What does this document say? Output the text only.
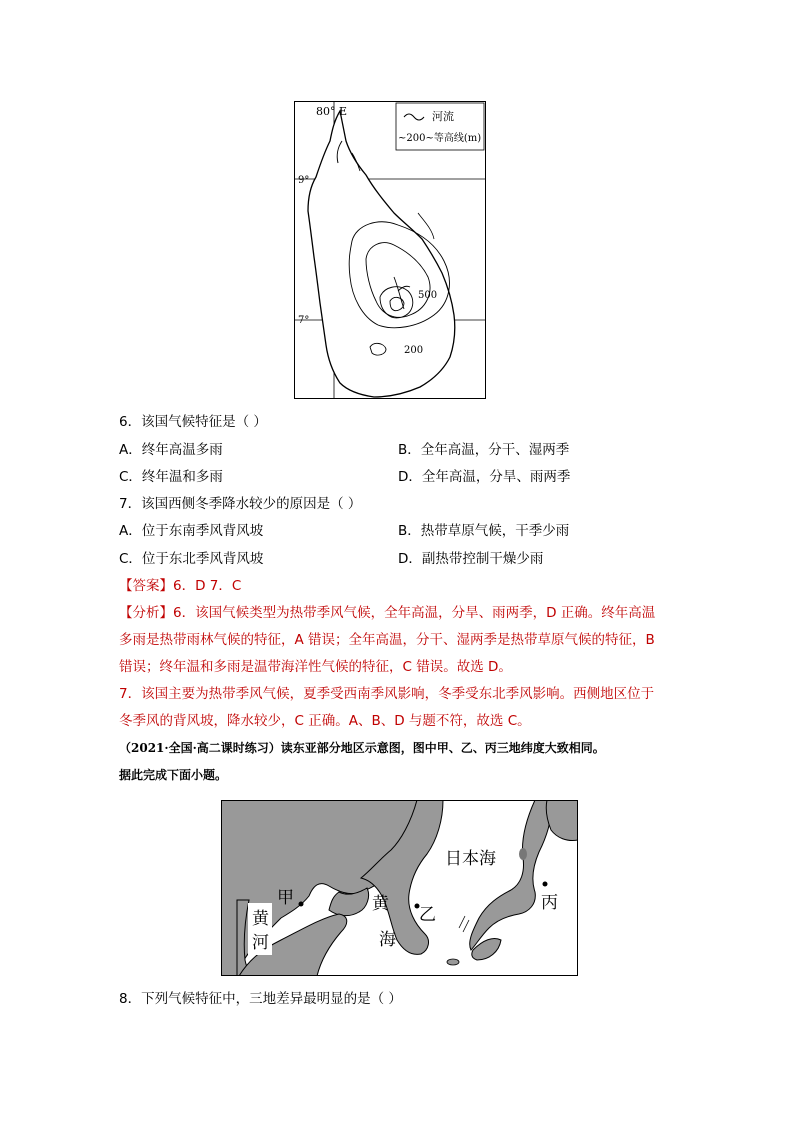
80° E
9°
7°
河流
~200~等高线(m)
500
200
6．该国气候特征是（ ）
A．终年高温多雨	B．全年高温，分干、湿两季
C．终年温和多雨	D．全年高温，分旱、雨两季
7．该国西侧冬季降水较少的原因是（ ）
A．位于东南季风背风坡	B．热带草原气候，干季少雨
C．位于东北季风背风坡	D．副热带控制干燥少雨
【答案】6．D 7．C
【分析】6．该国气候类型为热带季风气候，全年高温，分旱、雨两季，D 正确。终年高温
多雨是热带雨林气候的特征，A 错误；全年高温，分干、湿两季是热带草原气候的特征，B
错误；终年温和多雨是温带海洋性气候的特征，C 错误。故选 D。
7．该国主要为热带季风气候，夏季受西南季风影响，冬季受东北季风影响。西侧地区位于
冬季风的背风坡，降水较少，C 正确。A、B、D 与题不符，故选 C。
（2021·全国·高二课时练习）读东亚部分地区示意图，图中甲、乙、丙三地纬度大致相同。
据此完成下面小题。
甲
乙
丙
黄
海
黄
河
日本海
8．下列气候特征中，三地差异最明显的是（ ）
